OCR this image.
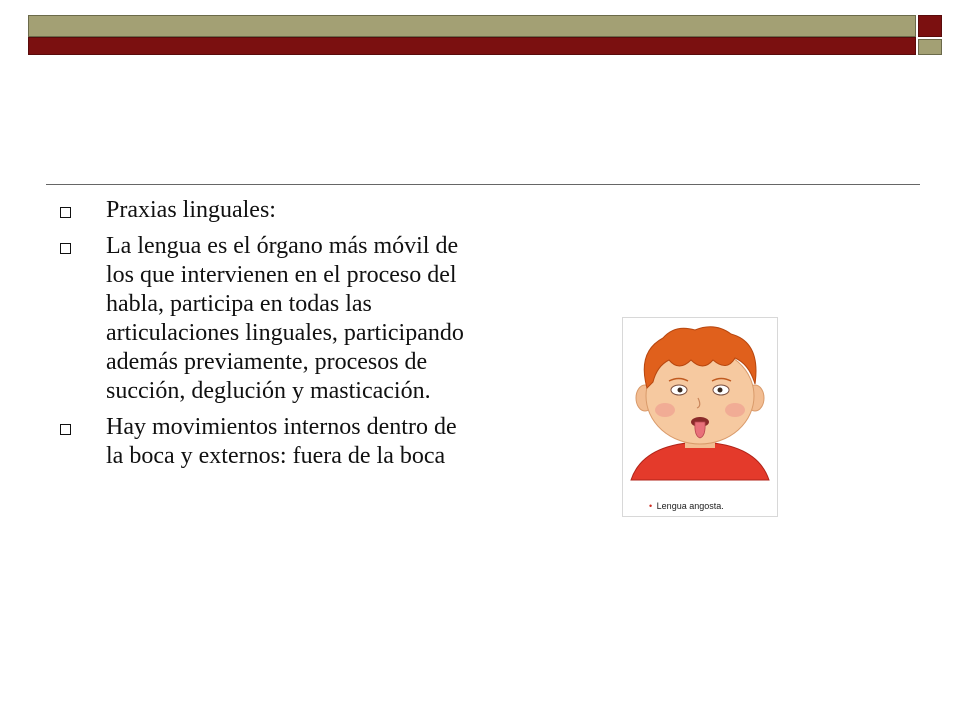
Praxias linguales:
La lengua es el órgano más móvil de los que intervienen en el proceso del habla, participa en todas las articulaciones linguales, participando además previamente, procesos de succión, deglución y masticación.
Hay movimientos internos dentro de la boca y externos: fuera de la boca
• Lengua angosta.
